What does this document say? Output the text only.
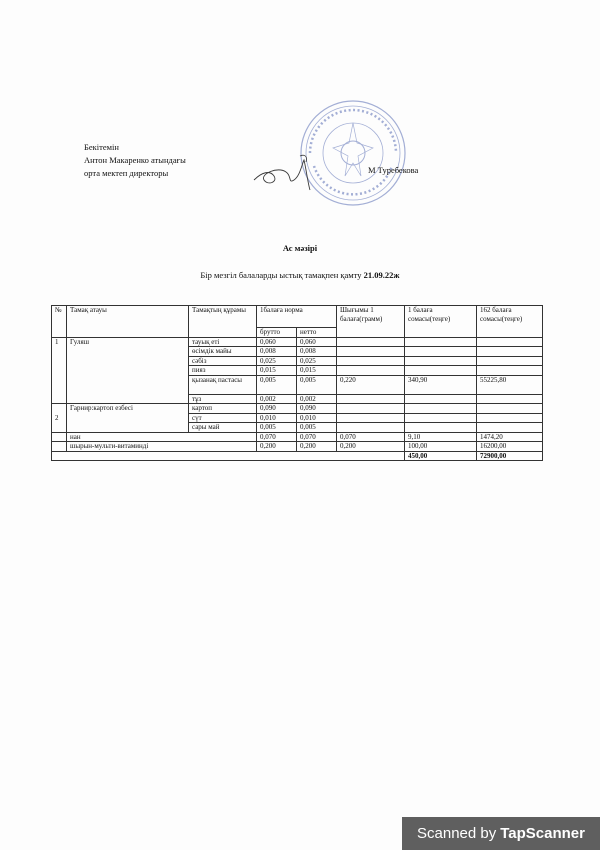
Бекітемін
Антон Макаренко атындағы
орта мектеп директоры	М Туребекова
Ас мәзірі
Бір мезгіл балаларды ыстық тамақпен қамту 21.09.22ж
№	Тамақ атауы	Тамақтың құрамы	1балаға норма		Шығымы 1 балаға(грамм)	1 балаға сомасы(теңге)	162 балаға сомасы(теңге)
			брутто	нетто			
1	Гуляш	тауық еті	0,060	0,060			
		өсімдік майы	0,008	0,008			
		сәбіз	0,025	0,025			
		пияз	0,015	0,015			
		қызанақ пастасы	0,005	0,005	0,220	340,90	55225,80
		тұз	0,002	0,002			
2	Гарнир:картоп езбесі	картоп	0,090	0,090			
		сүт	0,010	0,010			
		сары май	0,005	0,005			
	нан		0,070	0,070	0,070	9,10	1474,20
	шырын-мульти-витаминді		0,200	0,200	0,200	100,00	16200,00
						450,00	72900,00
Scanned by TapScanner
